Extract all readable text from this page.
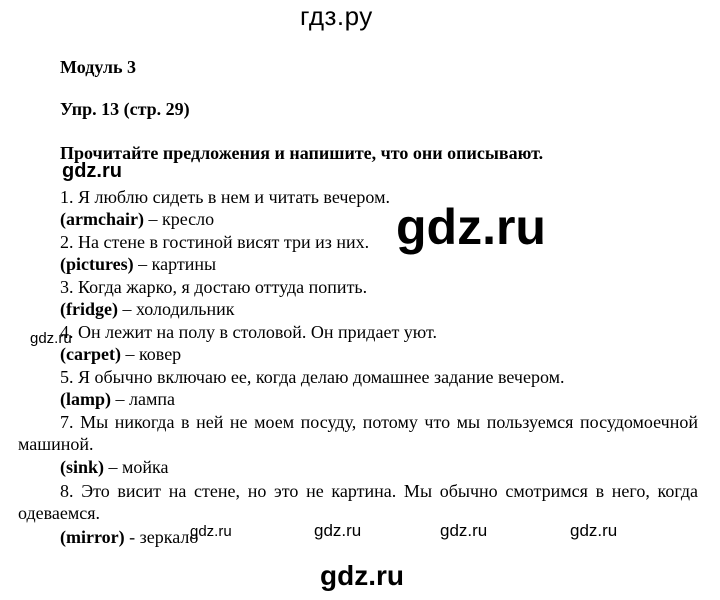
гдз.ру
Модуль 3
Упр. 13 (стр. 29)
Прочитайте предложения и напишите, что они описывают.
1. Я люблю сидеть в нем и читать вечером.
(armchair) – кресло
2. На стене в гостиной висят три из них.
(pictures) – картины
3. Когда жарко, я достаю оттуда попить.
(fridge) – холодильник
4. Он лежит на полу в столовой. Он придает уют.
(carpet) – ковер
5. Я обычно включаю ее, когда делаю домашнее задание вечером.
(lamp) – лампа
7. Мы никогда в ней не моем посуду, потому что мы пользуемся посудомоечной машиной.
(sink) – мойка
8. Это висит на стене, но это не картина. Мы обычно смотримся в него, когда одеваемся.
(mirror) - зеркало
gdz.ru
gdz.ru
gdz.ru
gdz.ru	gdz.ru	gdz.ru	gdz.ru
gdz.ru
